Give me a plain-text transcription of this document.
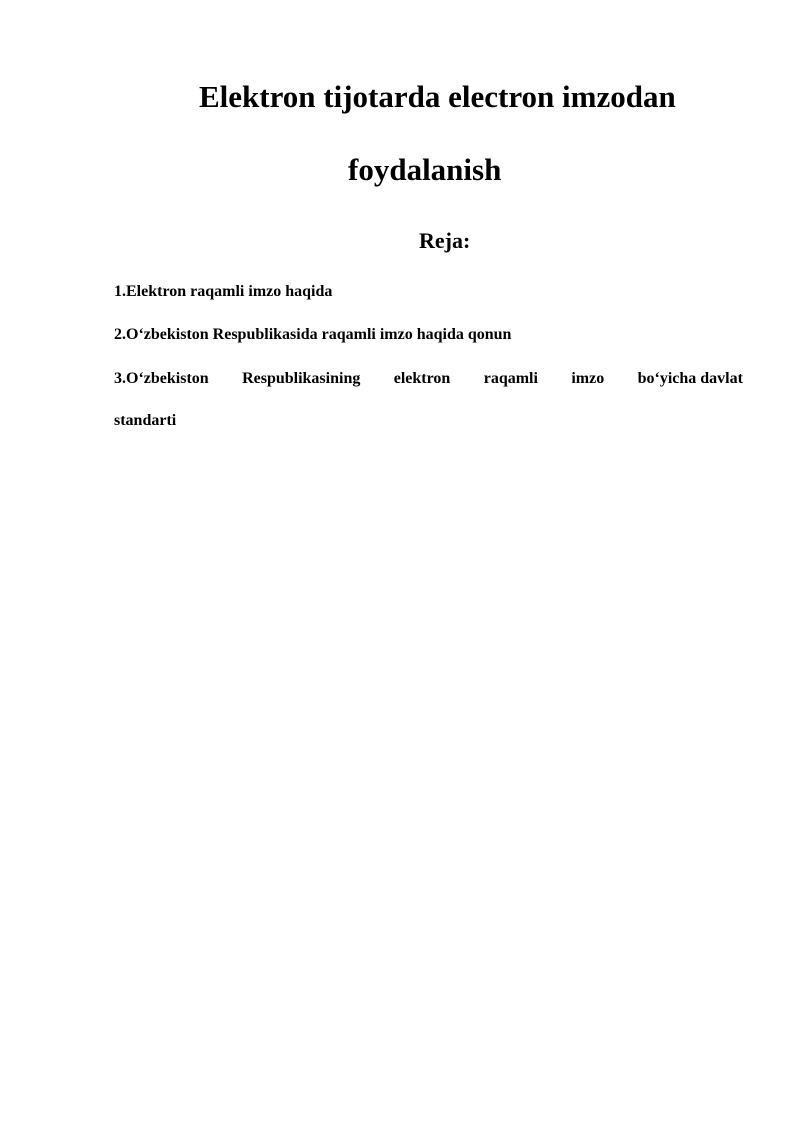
Elektron tijotarda electron imzodan
foydalanish
Reja:
1.Elektron raqamli imzo haqida
2.O‘zbekiston Respublikasida raqamli imzo haqida qonun
3.O‘zbekiston Respublikasining elektron raqamli imzo bo‘yicha davlat
standarti
